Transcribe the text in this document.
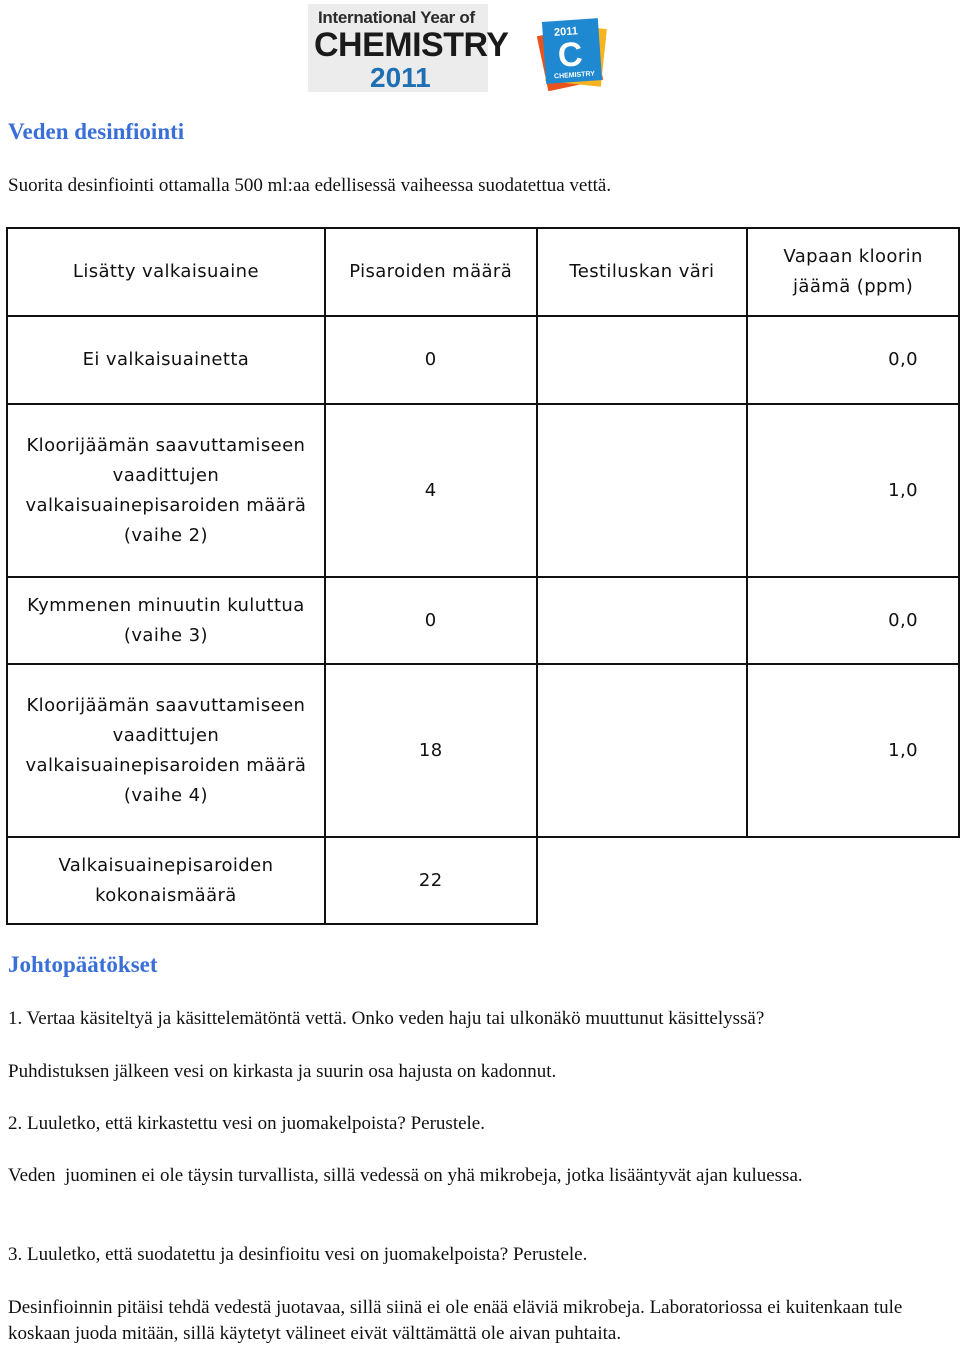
International Year of
CHEMISTRY
2011
2011
C
CHEMISTRY
Veden desinfiointi

Suorita desinfiointi ottamalla 500 ml:aa edellisessä vaiheessa suodatettua vettä.

Lisätty valkaisuaine	Pisaroiden määrä	Testiluskan väri	Vapaan kloorin jäämä (ppm)
Ei valkaisuainetta	0		0,0
Kloorijäämän saavuttamiseen vaadittujen valkaisuainepisaroiden määrä (vaihe 2)	4		1,0
Kymmenen minuutin kuluttua (vaihe 3)	0		0,0
Kloorijäämän saavuttamiseen vaadittujen valkaisuainepisaroiden määrä (vaihe 4)	18		1,0
Valkaisuainepisaroiden kokonaismäärä	22		
Johtopäätökset

1. Vertaa käsiteltyä ja käsittelemätöntä vettä. Onko veden haju tai ulkonäkö muuttunut käsittelyssä?

Puhdistuksen jälkeen vesi on kirkasta ja suurin osa hajusta on kadonnut.

2. Luuletko, että kirkastettu vesi on juomakelpoista? Perustele.

Veden  juominen ei ole täysin turvallista, sillä vedessä on yhä mikrobeja, jotka lisääntyvät ajan kuluessa.

3. Luuletko, että suodatettu ja desinfioitu vesi on juomakelpoista? Perustele.

Desinfioinnin pitäisi tehdä vedestä juotavaa, sillä siinä ei ole enää eläviä mikrobeja. Laboratoriossa ei kuitenkaan tule koskaan juoda mitään, sillä käytetyt välineet eivät välttämättä ole aivan puhtaita.
